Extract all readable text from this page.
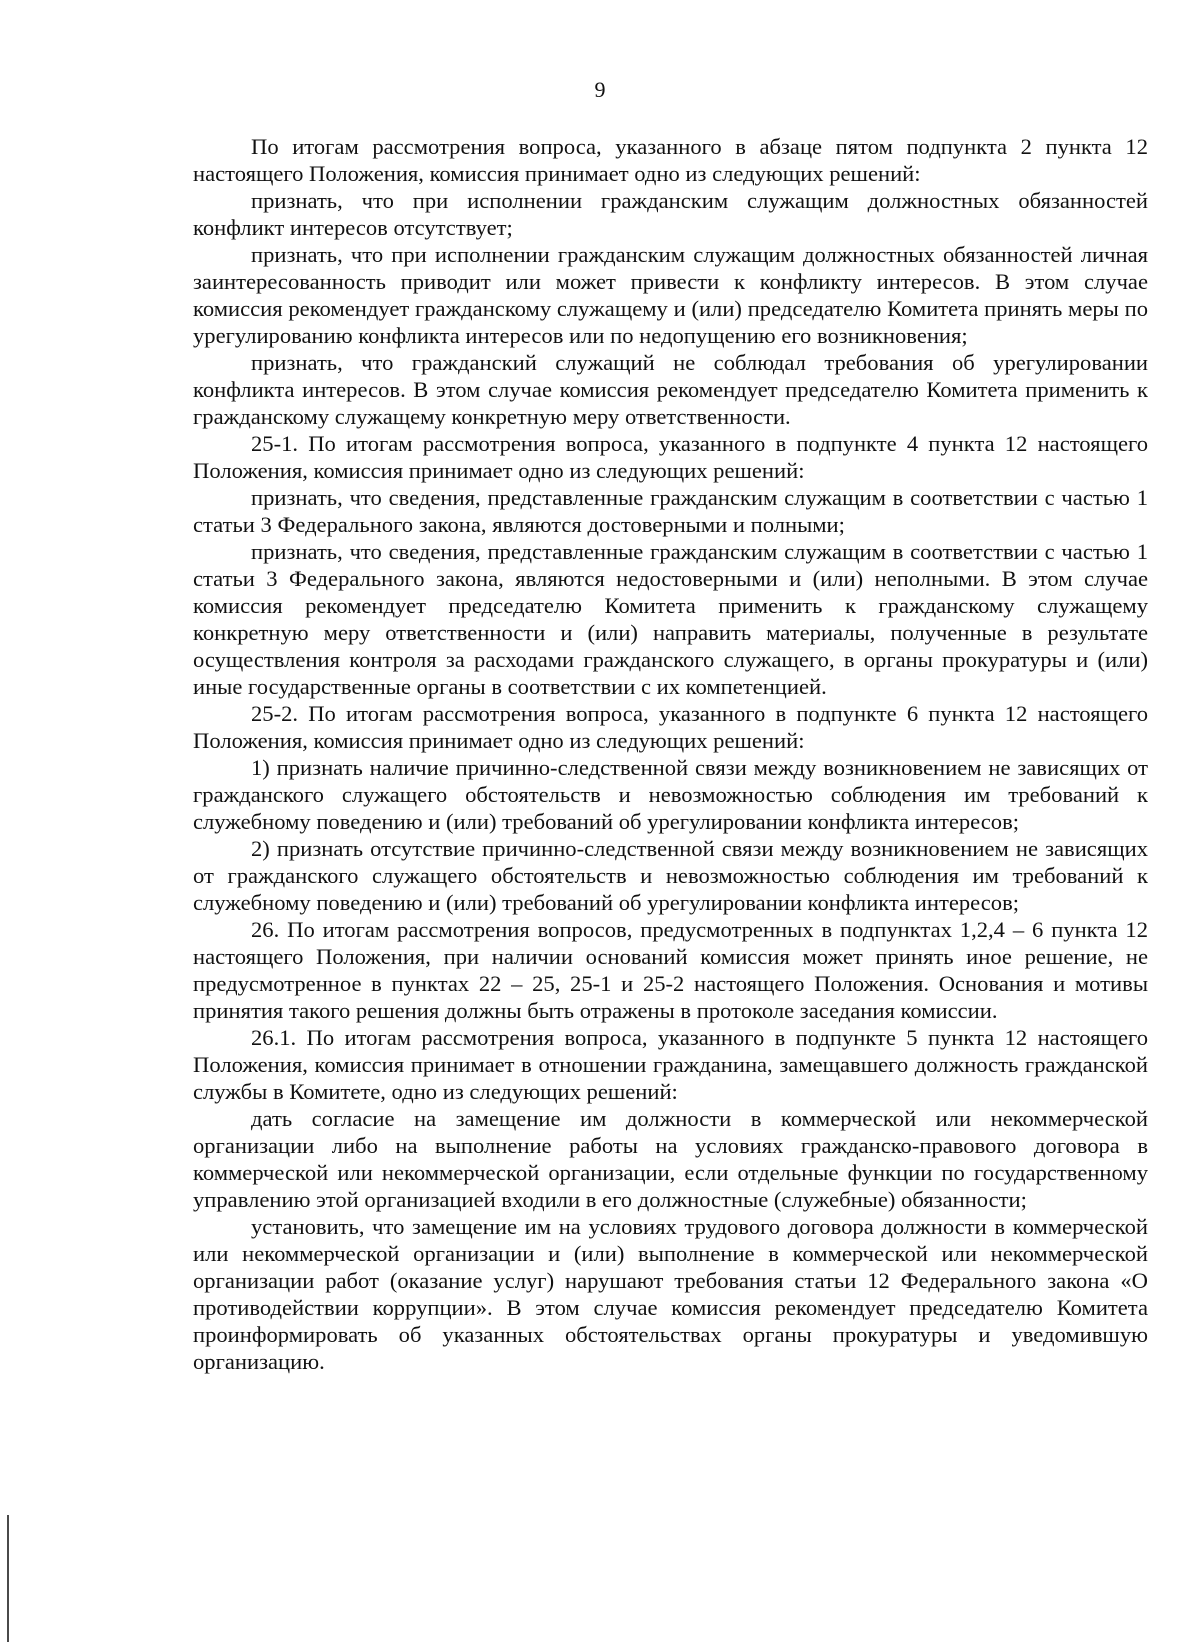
9

По итогам рассмотрения вопроса, указанного в абзаце пятом подпункта 2 пункта 12 настоящего Положения, комиссия принимает одно из следующих решений:

признать, что при исполнении гражданским служащим должностных обязанностей конфликт интересов отсутствует;

признать, что при исполнении гражданским служащим должностных обязанностей личная заинтересованность приводит или может привести к конфликту интересов. В этом случае комиссия рекомендует гражданскому служащему и (или) председателю Комитета принять меры по урегулированию конфликта интересов или по недопущению его возникновения;

признать, что гражданский служащий не соблюдал требования об урегулировании конфликта интересов. В этом случае комиссия рекомендует председателю Комитета применить к гражданскому служащему конкретную меру ответственности.

25-1. По итогам рассмотрения вопроса, указанного в подпункте 4 пункта 12 настоящего Положения, комиссия принимает одно из следующих решений:

признать, что сведения, представленные гражданским служащим в соответствии с частью 1 статьи 3 Федерального закона, являются достоверными и полными;

признать, что сведения, представленные гражданским служащим в соответствии с частью 1 статьи 3 Федерального закона, являются недостоверными и (или) неполными. В этом случае комиссия рекомендует председателю Комитета применить к гражданскому служащему конкретную меру ответственности и (или) направить материалы, полученные в результате осуществления контроля за расходами гражданского служащего, в органы прокуратуры и (или) иные государственные органы в соответствии с их компетенцией.

25-2. По итогам рассмотрения вопроса, указанного в подпункте 6 пункта 12 настоящего Положения, комиссия принимает одно из следующих решений:

1) признать наличие причинно-следственной связи между возникновением не зависящих от гражданского служащего обстоятельств и невозможностью соблюдения им требований к служебному поведению и (или) требований об урегулировании конфликта интересов;

2) признать отсутствие причинно-следственной связи между возникновением не зависящих от гражданского служащего обстоятельств и невозможностью соблюдения им требований к служебному поведению и (или) требований об урегулировании конфликта интересов;

26. По итогам рассмотрения вопросов, предусмотренных в подпунктах 1,2,4 – 6 пункта 12 настоящего Положения, при наличии оснований комиссия может принять иное решение, не предусмотренное в пунктах 22 – 25, 25-1 и 25-2 настоящего Положения. Основания и мотивы принятия такого решения должны быть отражены в протоколе заседания комиссии.

26.1. По итогам рассмотрения вопроса, указанного в подпункте 5 пункта 12 настоящего Положения, комиссия принимает в отношении гражданина, замещавшего должность гражданской службы в Комитете, одно из следующих решений:

дать согласие на замещение им должности в коммерческой или некоммерческой организации либо на выполнение работы на условиях гражданско-правового договора в коммерческой или некоммерческой организации, если отдельные функции по государственному управлению этой организацией входили в его должностные (служебные) обязанности;

установить, что замещение им на условиях трудового договора должности в коммерческой или некоммерческой организации и (или) выполнение в коммерческой или некоммерческой организации работ (оказание услуг) нарушают требования статьи 12 Федерального закона «О противодействии коррупции». В этом случае комиссия рекомендует председателю Комитета проинформировать об указанных обстоятельствах органы прокуратуры и уведомившую организацию.
